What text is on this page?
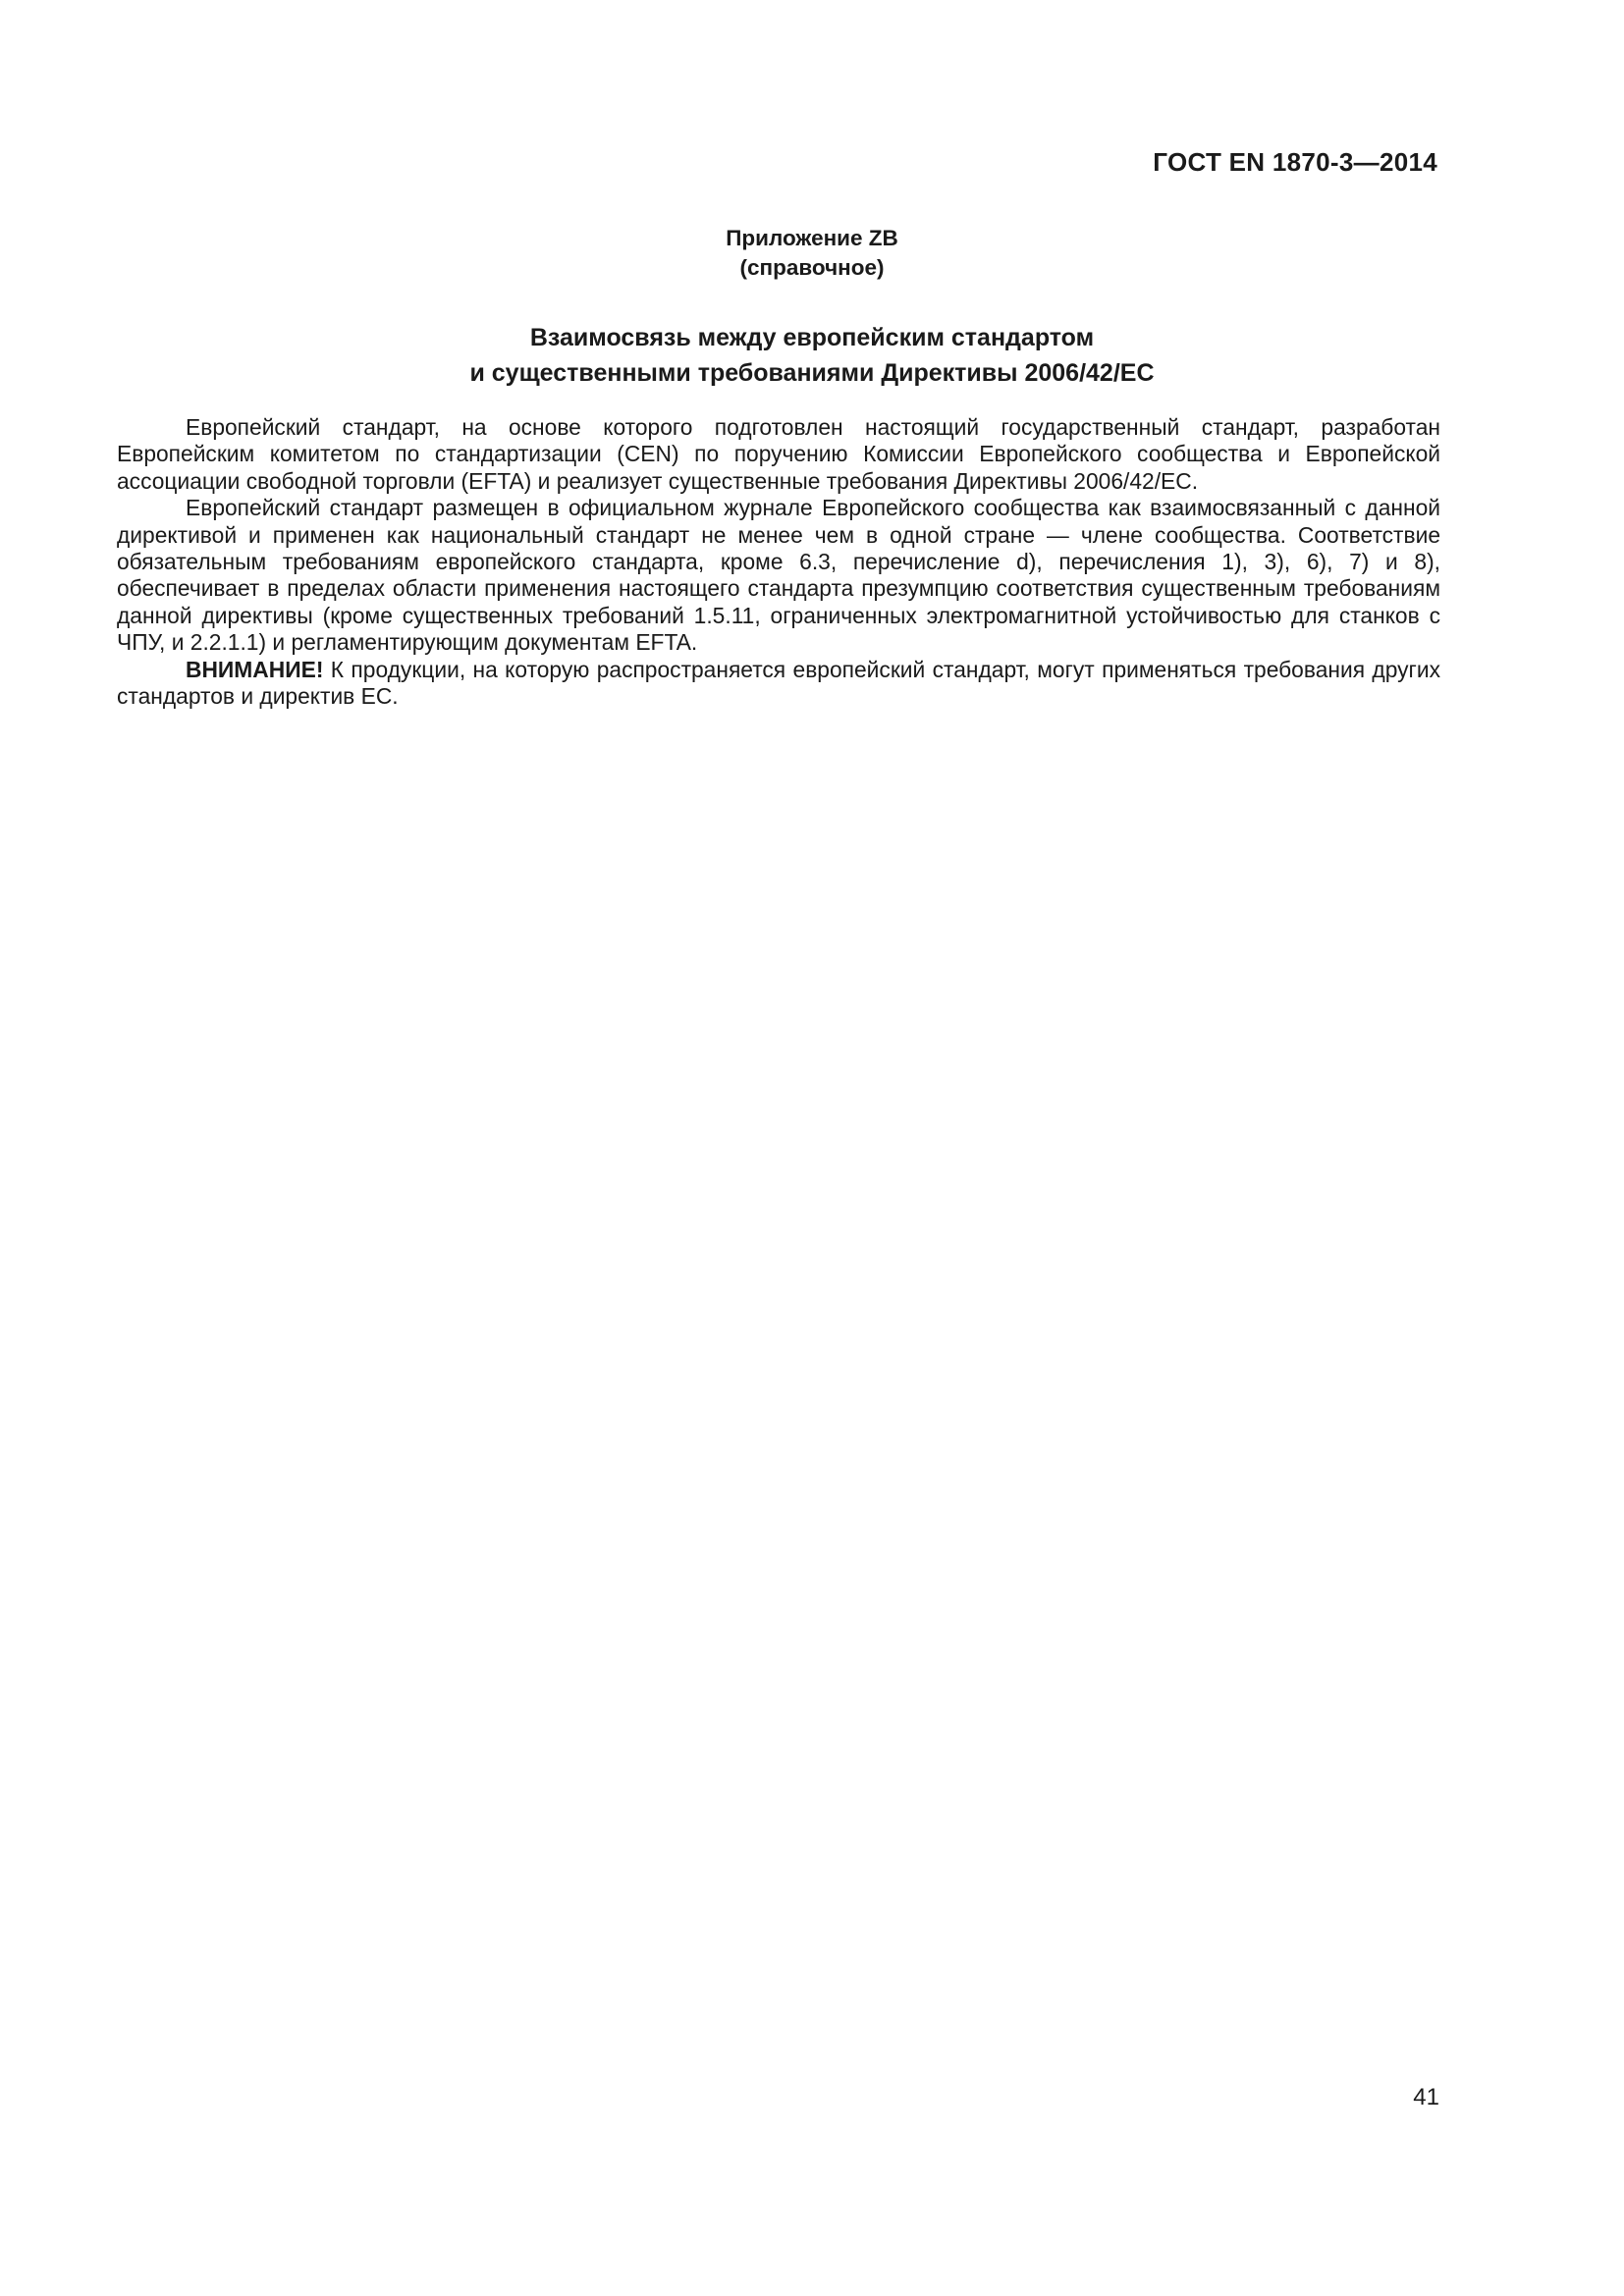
ГОСТ EN 1870-3—2014
Приложение ZB
(справочное)
Взаимосвязь между европейским стандартом
и существенными требованиями Директивы 2006/42/ЕС

Европейский стандарт, на основе которого подготовлен настоящий государственный стандарт, разработан Европейским комитетом по стандартизации (CEN) по поручению Комиссии Европейского сообщества и Европейской ассоциации свободной торговли (EFTA) и реализует существенные требования Директивы 2006/42/ЕС.

Европейский стандарт размещен в официальном журнале Европейского сообщества как взаимосвязанный с данной директивой и применен как национальный стандарт не менее чем в одной стране — члене сообщества. Соответствие обязательным требованиям европейского стандарта, кроме 6.3, перечисление d), перечисления 1), 3), 6), 7) и 8), обеспечивает в пределах области применения настоящего стандарта презумпцию соответствия существенным требованиям данной директивы (кроме существенных требований 1.5.11, ограниченных электромагнитной устойчивостью для станков с ЧПУ, и 2.2.1.1) и регламентирующим документам EFTA.

ВНИМАНИЕ! К продукции, на которую распространяется европейский стандарт, могут применяться требования других стандартов и директив ЕС.

41
